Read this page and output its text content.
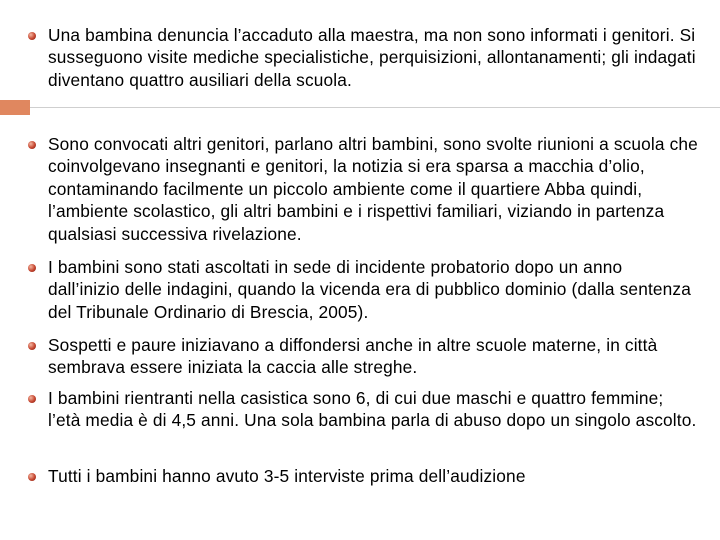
Una bambina denuncia l’accaduto alla maestra, ma non sono informati i genitori. Si susseguono visite mediche specialistiche, perquisizioni, allontanamenti; gli indagati diventano quattro ausiliari della scuola.
Sono convocati altri genitori, parlano altri bambini, sono svolte riunioni a scuola che coinvolgevano insegnanti e genitori, la notizia si era sparsa a macchia d’olio, contaminando facilmente un piccolo ambiente come il quartiere Abba quindi, l’ambiente scolastico, gli altri bambini e i rispettivi familiari, viziando in partenza qualsiasi successiva rivelazione.
I bambini sono stati ascoltati in sede di incidente probatorio dopo un anno dall’inizio delle indagini, quando la vicenda era di pubblico dominio (dalla sentenza del Tribunale Ordinario di Brescia, 2005).
Sospetti e paure iniziavano a diffondersi anche in altre scuole materne, in città sembrava essere iniziata la caccia alle streghe.
I bambini rientranti nella casistica sono 6, di cui due maschi e quattro femmine; l’età media è di 4,5 anni. Una sola bambina parla di abuso dopo un singolo ascolto.
Tutti i bambini hanno avuto 3-5 interviste prima dell’audizione
